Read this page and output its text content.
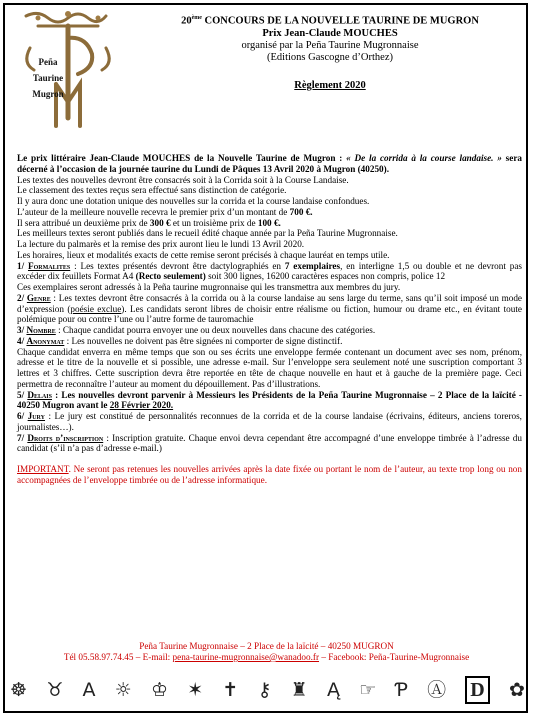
Peña
Taurine
Mugron
20ème CONCOURS DE LA NOUVELLE TAURINE DE MUGRON
Prix Jean-Claude MOUCHES
organisé par la Peña Taurine Mugronnaise
(Editions Gascogne d’Orthez)
Règlement 2020

Le prix littéraire Jean-Claude MOUCHES de la Nouvelle Taurine de Mugron : « De la corrida à la course landaise. » sera décerné à l’occasion de la journée taurine du Lundi de Pâques 13 Avril 2020 à Mugron (40250).

Les textes des nouvelles devront être consacrés soit à la Corrida soit à la Course Landaise.

Le classement des textes reçus sera effectué sans distinction de catégorie.

Il y aura donc une dotation unique des nouvelles sur la corrida et la course landaise confondues.

L’auteur de la meilleure nouvelle recevra le premier prix d’un montant de 700 €.

Il sera attribué un deuxième prix de 300 € et un troisième prix de 100 €.

Les meilleurs textes seront publiés dans le recueil édité chaque année par la Peña Taurine Mugronnaise.

La lecture du palmarès et la remise des prix auront lieu le lundi 13 Avril 2020.

Les horaires, lieux et modalités exacts de cette remise seront précisés à chaque lauréat en temps utile.

1/ Formalites : Les textes présentés devront être dactylographiés en 7 exemplaires, en interligne 1,5 ou double et ne devront pas excéder dix feuillets Format A4 (Recto seulement) soit 300 lignes, 16200 caractères espaces non compris, police 12

Ces exemplaires seront adressés à la Peña taurine mugronnaise qui les transmettra aux membres du jury.

2/ Genre : Les textes devront être consacrés à la corrida ou à la course landaise au sens large du terme, sans qu’il soit imposé un mode d’expression (poésie exclue). Les candidats seront libres de choisir entre réalisme ou fiction, humour ou drame etc., en évitant toute polémique pour ou contre l’une ou l’autre forme de tauromachie

3/ Nombre : Chaque candidat pourra envoyer une ou deux nouvelles dans chacune des catégories.

4/ Anonymat : Les nouvelles ne doivent pas être signées ni comporter de signe distinctif.

Chaque candidat enverra en même temps que son ou ses écrits une enveloppe fermée contenant un document avec ses nom, prénom, adresse et le titre de la nouvelle et si possible, une adresse e-mail. Sur l’enveloppe sera seulement noté une suscription comportant 3 lettres et 3 chiffres. Cette suscription devra être reportée en tête de chaque nouvelle en haut et à gauche de la première page. Ceci permettra de reconnaître l’auteur au moment du dépouillement. Pas d’illustrations.

5/ Delais : Les nouvelles devront parvenir à Messieurs les Présidents de la Peña Taurine Mugronnaise – 2 Place de la laïcité - 40250 Mugron avant le 28 Février 2020.

6/ Jury : Le jury est constitué de personnalités reconnues de la corrida et de la course landaise (écrivains, éditeurs, anciens toreros, journalistes…).

7/ Droits d’inscription : Inscription gratuite. Chaque envoi devra cependant être accompagné d’une enveloppe timbrée à l’adresse du candidat (s’il n’a pas d’adresse e-mail.)

IMPORTANT. Ne seront pas retenues les nouvelles arrivées après la date fixée ou portant le nom de l’auteur, au texte trop long ou non accompagnées de l’enveloppe timbrée ou de l’adresse informatique.

Peña Taurine Mugronnaise – 2 Place de la laïcité – 40250 MUGRON
Tél 05.58.97.74.45 – E-mail: pena-taurine-mugronnaise@wanadoo.fr – Facebook: Peña-Taurine-Mugronnaise
☸ ♉ A ☼ ♔ ✶ ✝ ⚷ ♜ Ą ☞ Ƥ Ⓐ D ✿
